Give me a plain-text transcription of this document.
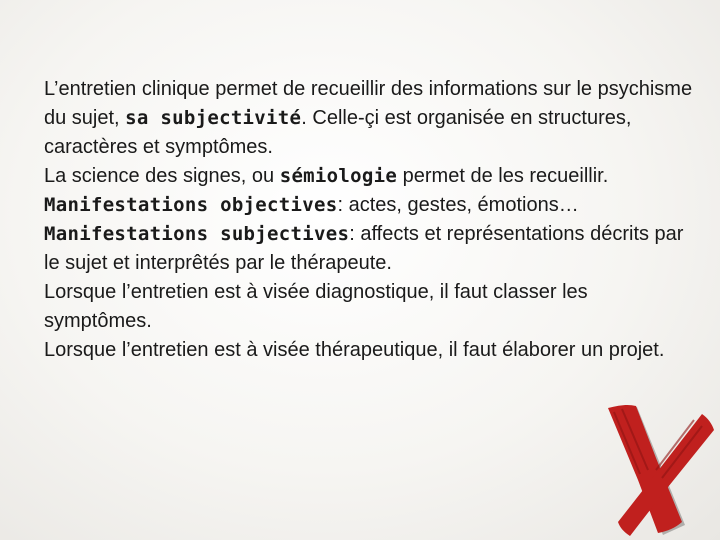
L’entretien clinique permet de recueillir des informations sur le psychisme du sujet, sa subjectivité. Celle-çi est organisée en structures, caractères et symptômes.

La science des signes, ou sémiologie permet de les recueillir.

Manifestations objectives: actes, gestes, émotions…

Manifestations subjectives: affects et représentations décrits par le sujet et interprêtés par le thérapeute.

Lorsque l’entretien est à visée diagnostique, il faut classer les symptômes.

Lorsque l’entretien est à visée thérapeutique, il faut élaborer un projet.
